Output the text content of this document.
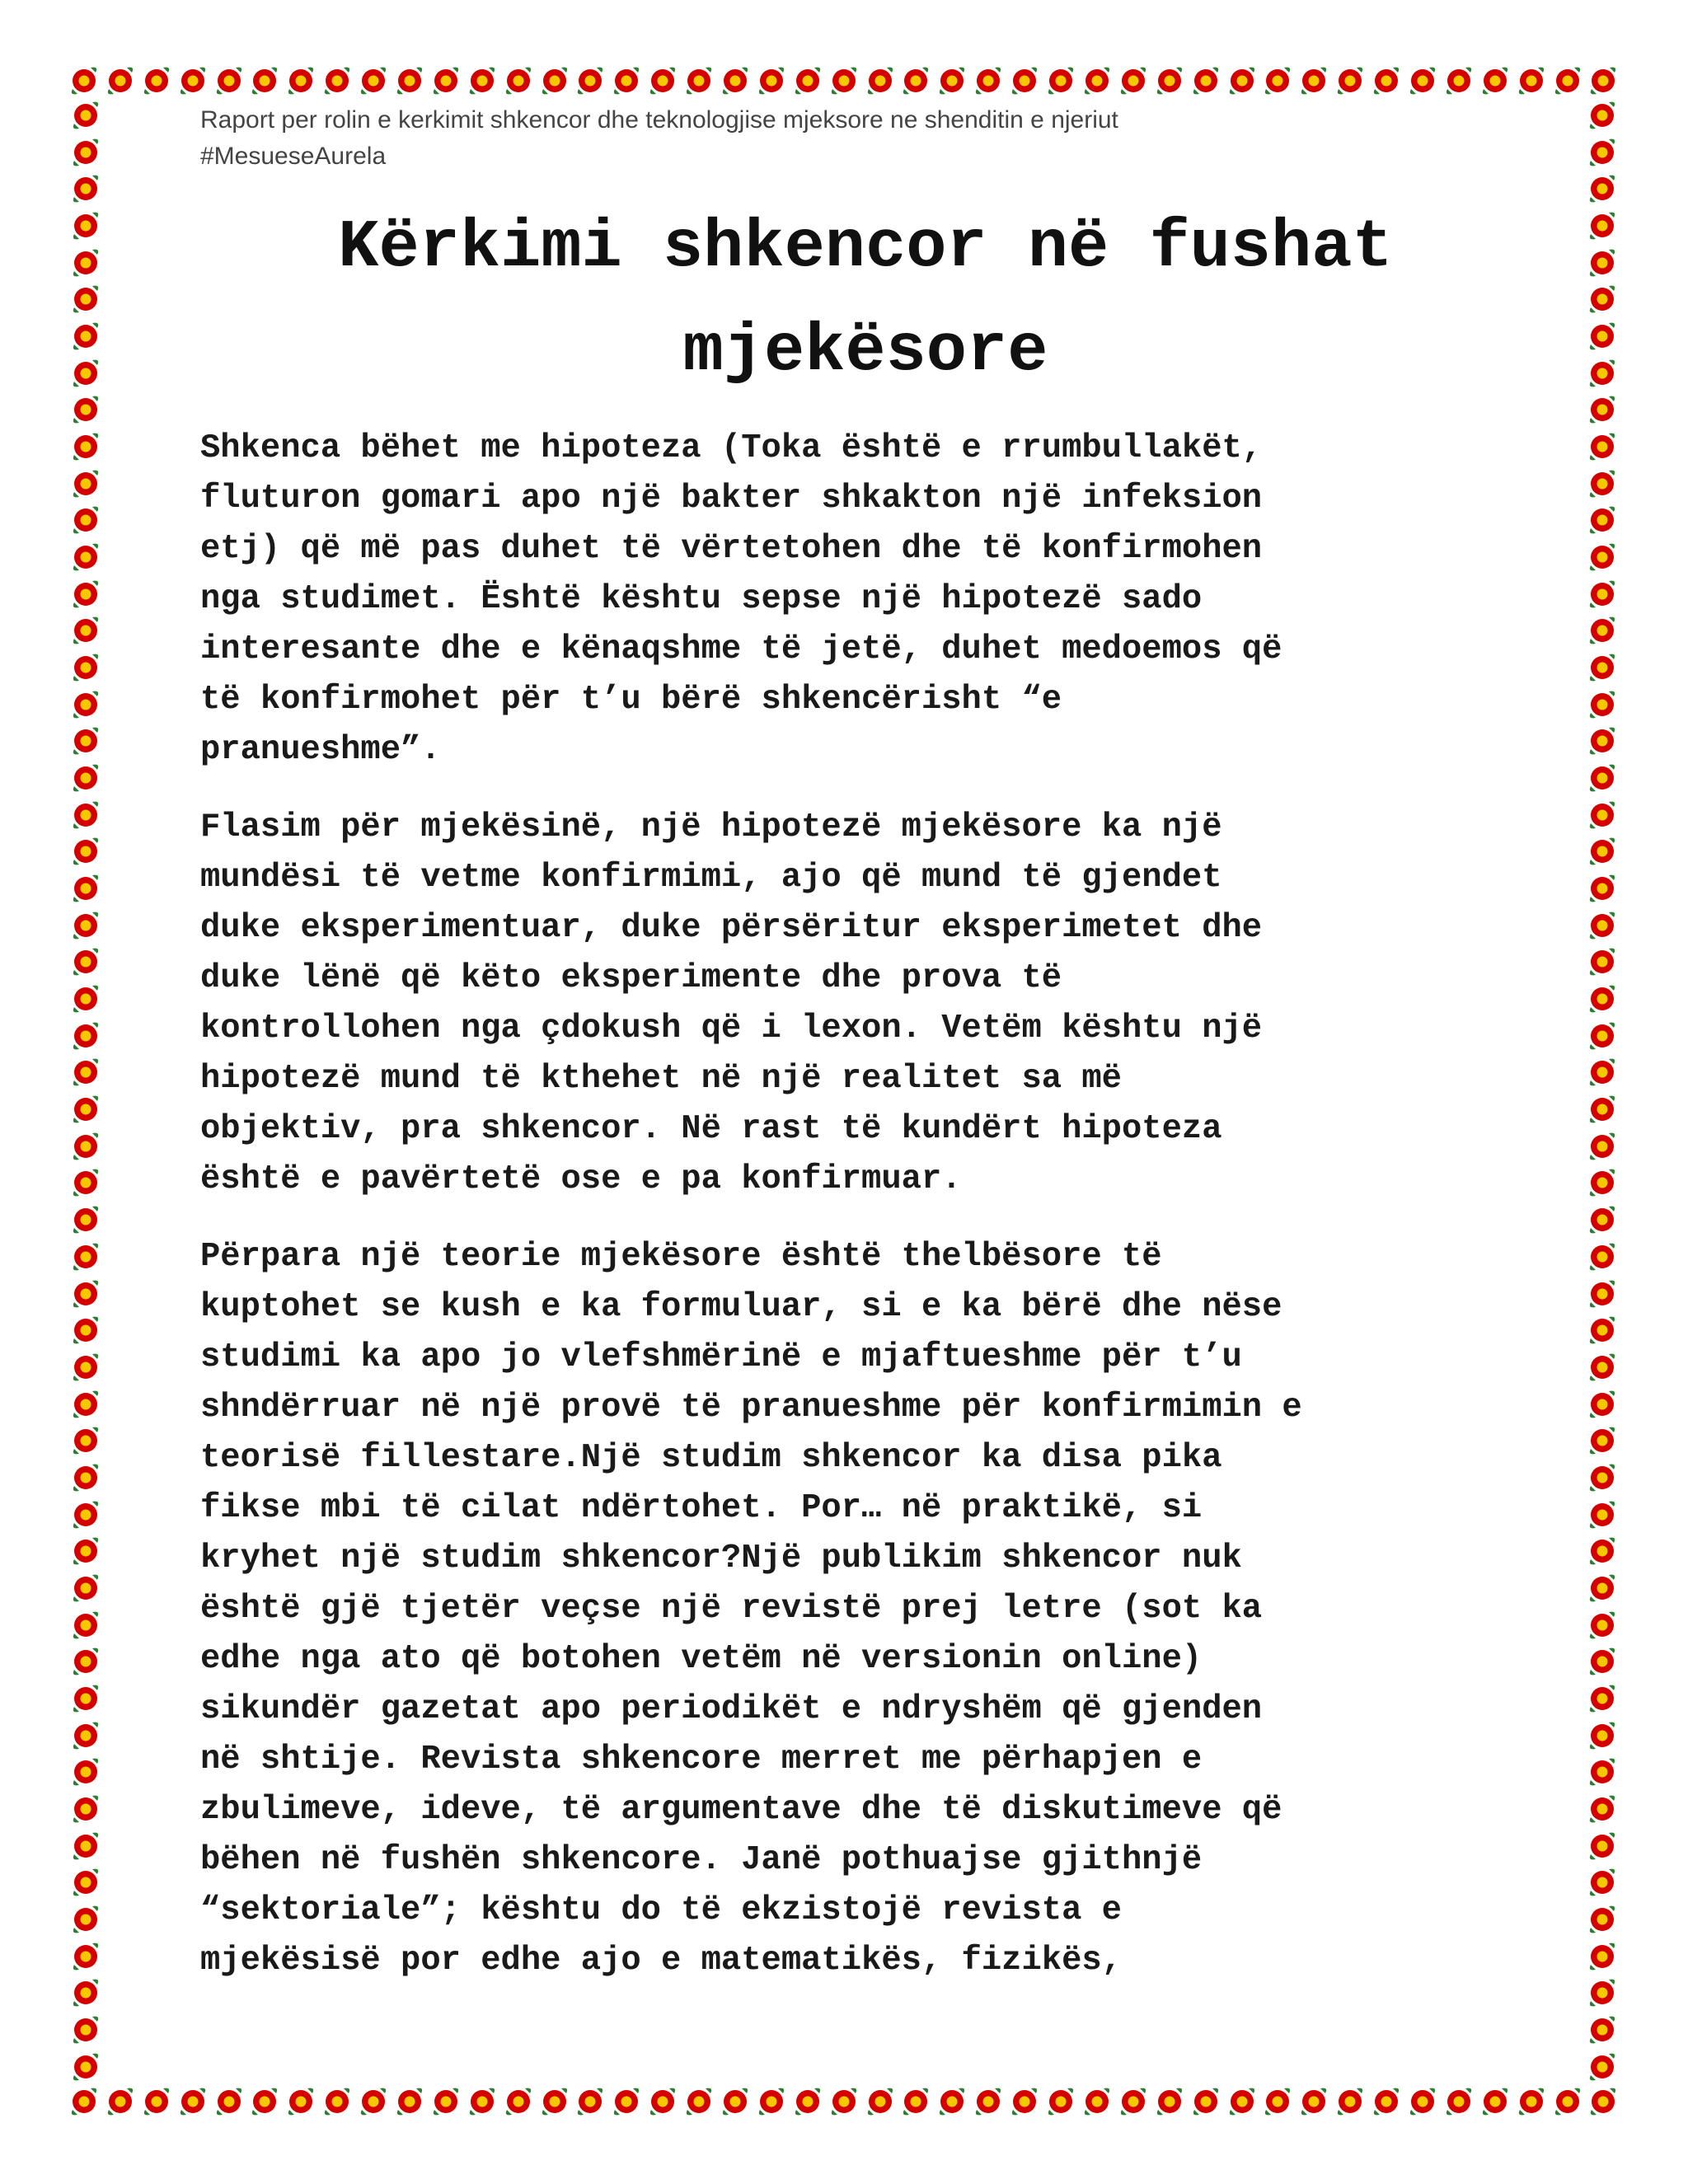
Raport per rolin e kerkimit shkencor dhe teknologjise mjeksore ne shenditin e njeriut
#MesueseAurela
Kërkimi shkencor në fushat
mjekësore

Shkenca bëhet me hipoteza (Toka është e rrumbullakët,
fluturon gomari apo një bakter shkakton një infeksion
etj) që më pas duhet të vërtetohen dhe të konfirmohen
nga studimet. Është kështu sepse një hipotezë sado
interesante dhe e kënaqshme të jetë, duhet medoemos që
të konfirmohet për t’u bërë shkencërisht “e
pranueshme”.

Flasim për mjekësinë, një hipotezë mjekësore ka një
mundësi të vetme konfirmimi, ajo që mund të gjendet
duke eksperimentuar, duke përsëritur eksperimetet dhe
duke lënë që këto eksperimente dhe prova të
kontrollohen nga çdokush që i lexon. Vetëm kështu një
hipotezë mund të kthehet në një realitet sa më
objektiv, pra shkencor. Në rast të kundërt hipoteza
është e pavërtetë ose e pa konfirmuar.

Përpara një teorie mjekësore është thelbësore të
kuptohet se kush e ka formuluar, si e ka bërë dhe nëse
studimi ka apo jo vlefshmërinë e mjaftueshme për t’u
shndërruar në një provë të pranueshme për konfirmimin e
teorisë fillestare.Një studim shkencor ka disa pika
fikse mbi të cilat ndërtohet. Por… në praktikë, si
kryhet një studim shkencor?Një publikim shkencor nuk
është gjë tjetër veçse një revistë prej letre (sot ka
edhe nga ato që botohen vetëm në versionin online)
sikundër gazetat apo periodikët e ndryshëm që gjenden
në shtije. Revista shkencore merret me përhapjen e
zbulimeve, ideve, të argumentave dhe të diskutimeve që
bëhen në fushën shkencore. Janë pothuajse gjithnjë
“sektoriale”; kështu do të ekzistojë revista e
mjekësisë por edhe ajo e matematikës, fizikës,
